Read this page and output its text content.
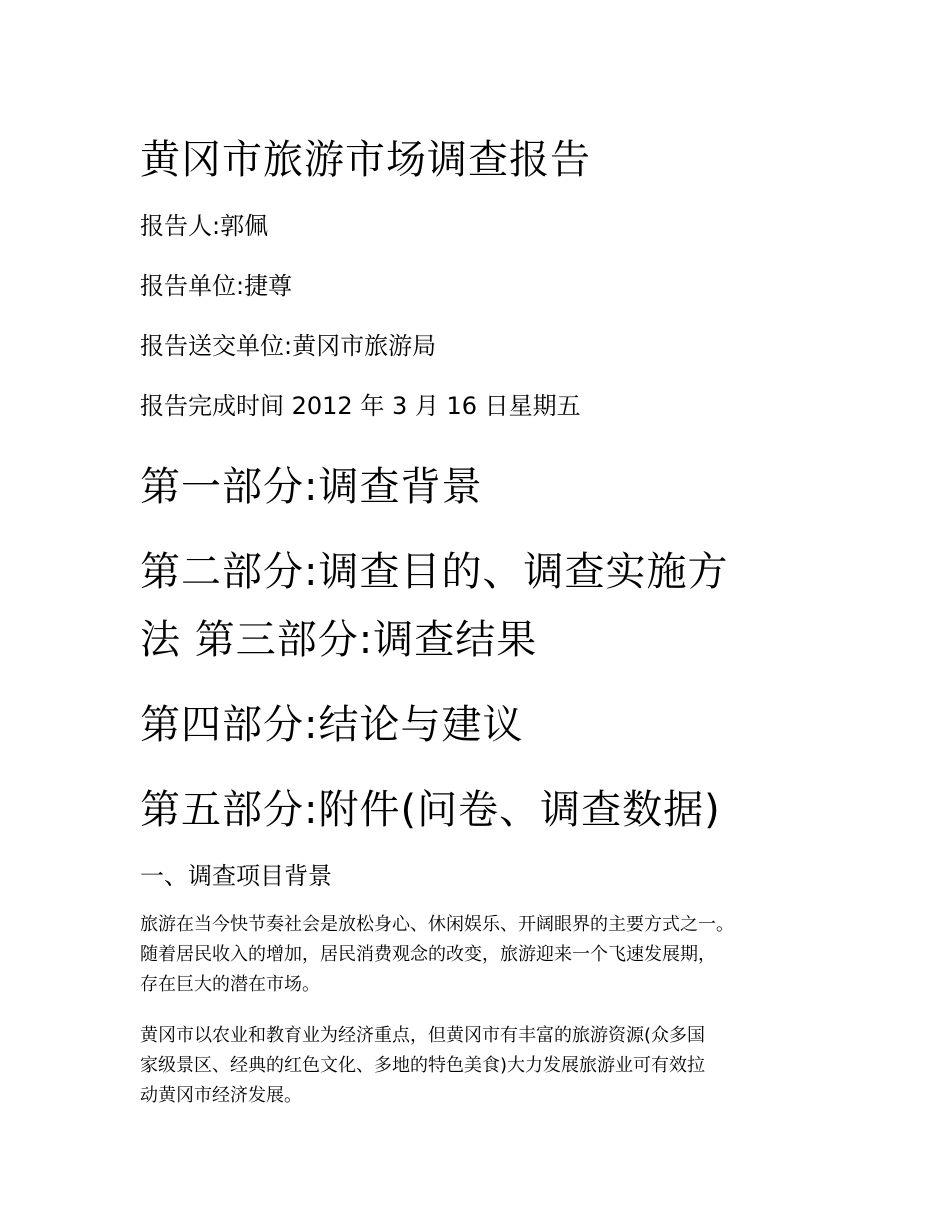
黄冈市旅游市场调查报告
报告人:郭佩
报告单位:捷尊
报告送交单位:黄冈市旅游局
报告完成时间 2012 年 3 月 16 日星期五
第一部分:调查背景
第二部分:调查目的、调查实施方
法 第三部分:调查结果
第四部分:结论与建议
第五部分:附件(问卷、调查数据)
一、调查项目背景
旅游在当今快节奏社会是放松身心、休闲娱乐、开阔眼界的主要方式之一。
随着居民收入的增加，居民消费观念的改变，旅游迎来一个飞速发展期，
存在巨大的潜在市场。
黄冈市以农业和教育业为经济重点，但黄冈市有丰富的旅游资源(众多国
家级景区、经典的红色文化、多地的特色美食)大力发展旅游业可有效拉
动黄冈市经济发展。
